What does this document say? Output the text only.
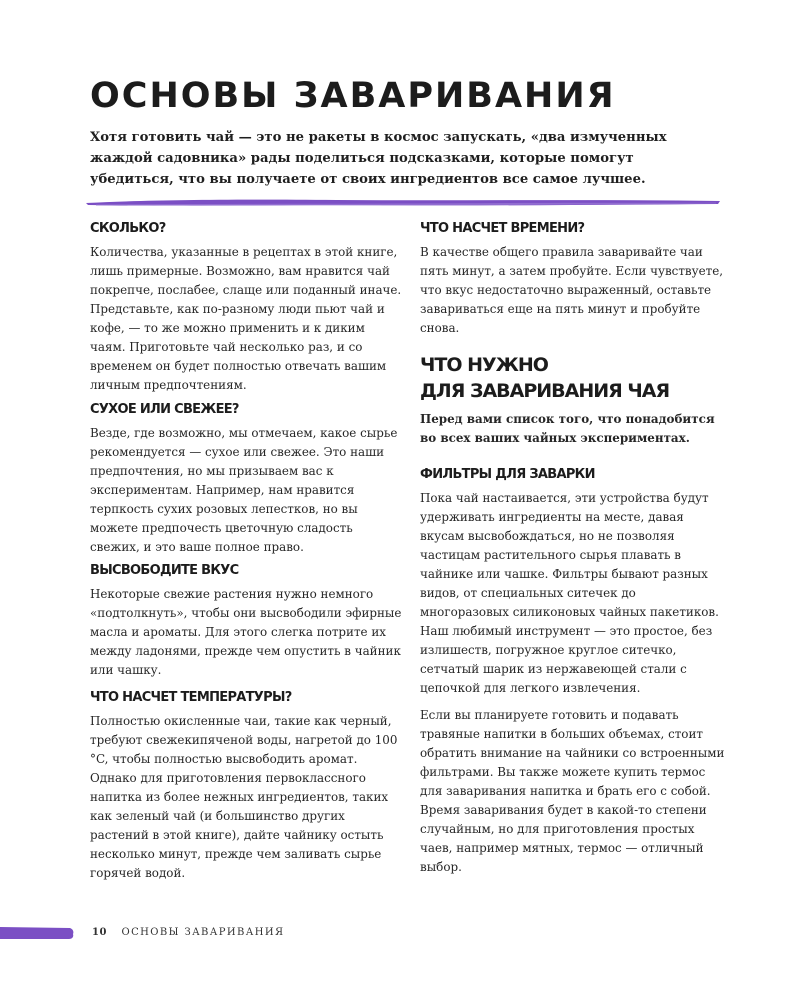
ОСНОВЫ ЗАВАРИВАНИЯ

Хотя готовить чай — это не ракеты в космос запускать, «два измученных жаждой садовника» рады поделиться подсказками, которые помогут убедиться, что вы получаете от своих ингредиентов все самое лучшее.

СКОЛЬКО?

Количества, указанные в рецептах в этой книге, лишь примерные. Возможно, вам нравится чай покрепче, послабее, слаще или поданный иначе. Представьте, как по-разному люди пьют чай и кофе, — то же можно применить и к диким чаям. Приготовьте чай несколько раз, и со временем он будет полностью отвечать вашим личным предпочтениям.

СУХОЕ ИЛИ СВЕЖЕЕ?

Везде, где возможно, мы отмечаем, какое сырье рекомендуется — сухое или свежее. Это наши предпочтения, но мы призываем вас к экспериментам. Например, нам нравится терпкость сухих розовых лепестков, но вы можете предпочесть цветочную сладость свежих, и это ваше полное право.

ВЫСВОБОДИТЕ ВКУС

Некоторые свежие растения нужно немного «подтолкнуть», чтобы они высвободили эфирные масла и ароматы. Для этого слегка потрите их между ладонями, прежде чем опустить в чайник или чашку.

ЧТО НАСЧЕТ ТЕМПЕРАТУРЫ?

Полностью окисленные чаи, такие как черный, требуют свежекипяченой воды, нагретой до 100 °C, чтобы полностью высвободить аромат. Однако для приготовления первоклассного напитка из более нежных ингредиентов, таких как зеленый чай (и большинство других растений в этой книге), дайте чайнику остыть несколько минут, прежде чем заливать сырье горячей водой.

ЧТО НАСЧЕТ ВРЕМЕНИ?

В качестве общего правила заваривайте чаи пять минут, а затем пробуйте. Если чувствуете, что вкус недостаточно выраженный, оставьте завариваться еще на пять минут и пробуйте снова.

ЧТО НУЖНО
ДЛЯ ЗАВАРИВАНИЯ ЧАЯ

Перед вами список того, что понадобится во всех ваших чайных экспериментах.

ФИЛЬТРЫ ДЛЯ ЗАВАРКИ

Пока чай настаивается, эти устройства будут удерживать ингредиенты на месте, давая вкусам высвобождаться, но не позволяя частицам растительного сырья плавать в чайнике или чашке. Фильтры бывают разных видов, от специальных ситечек до многоразовых силиконовых чайных пакетиков. Наш любимый инструмент — это простое, без излишеств, погружное круглое ситечко, сетчатый шарик из нержавеющей стали с цепочкой для легкого извлечения.

Если вы планируете готовить и подавать травяные напитки в больших объемах, стоит обратить внимание на чайники со встроенными фильтрами. Вы также можете купить термос для заваривания напитка и брать его с собой. Время заваривания будет в какой-то степени случайным, но для приготовления простых чаев, например мятных, термос — отличный выбор.

10 ОСНОВЫ ЗАВАРИВАНИЯ
